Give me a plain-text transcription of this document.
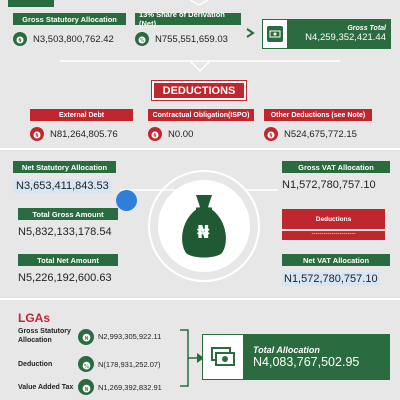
Gross Statutory Allocation
₦ N3,503,800,762.42
13% Share of Derivation (Net)
% N755,551,659.03
Gross Total
N4,259,352,421.44
DEDUCTIONS
External Debt
₦ N81,264,805.76
Contractual Obligation(ISPO)
₦ N0.00
Other Deductions (see Note)
₦ N524,675,772.15
Net Statutory Allocation
N3,653,411,843.53
Total Gross Amount
N5,832,133,178.54
Total Net Amount
N5,226,192,600.63
₦
Gross VAT Allocation
N1,572,780,757.10
Deductions
----------------------
Net VAT Allocation
N1,572,780,757.10
LGAs
Gross Statutory Allocation	₦ N2,993,305,922.11
Deduction	% N(178,931,252.07)
Value Added Tax	₦ N1,269,392,832.91
Total Allocation
N4,083,767,502.95
